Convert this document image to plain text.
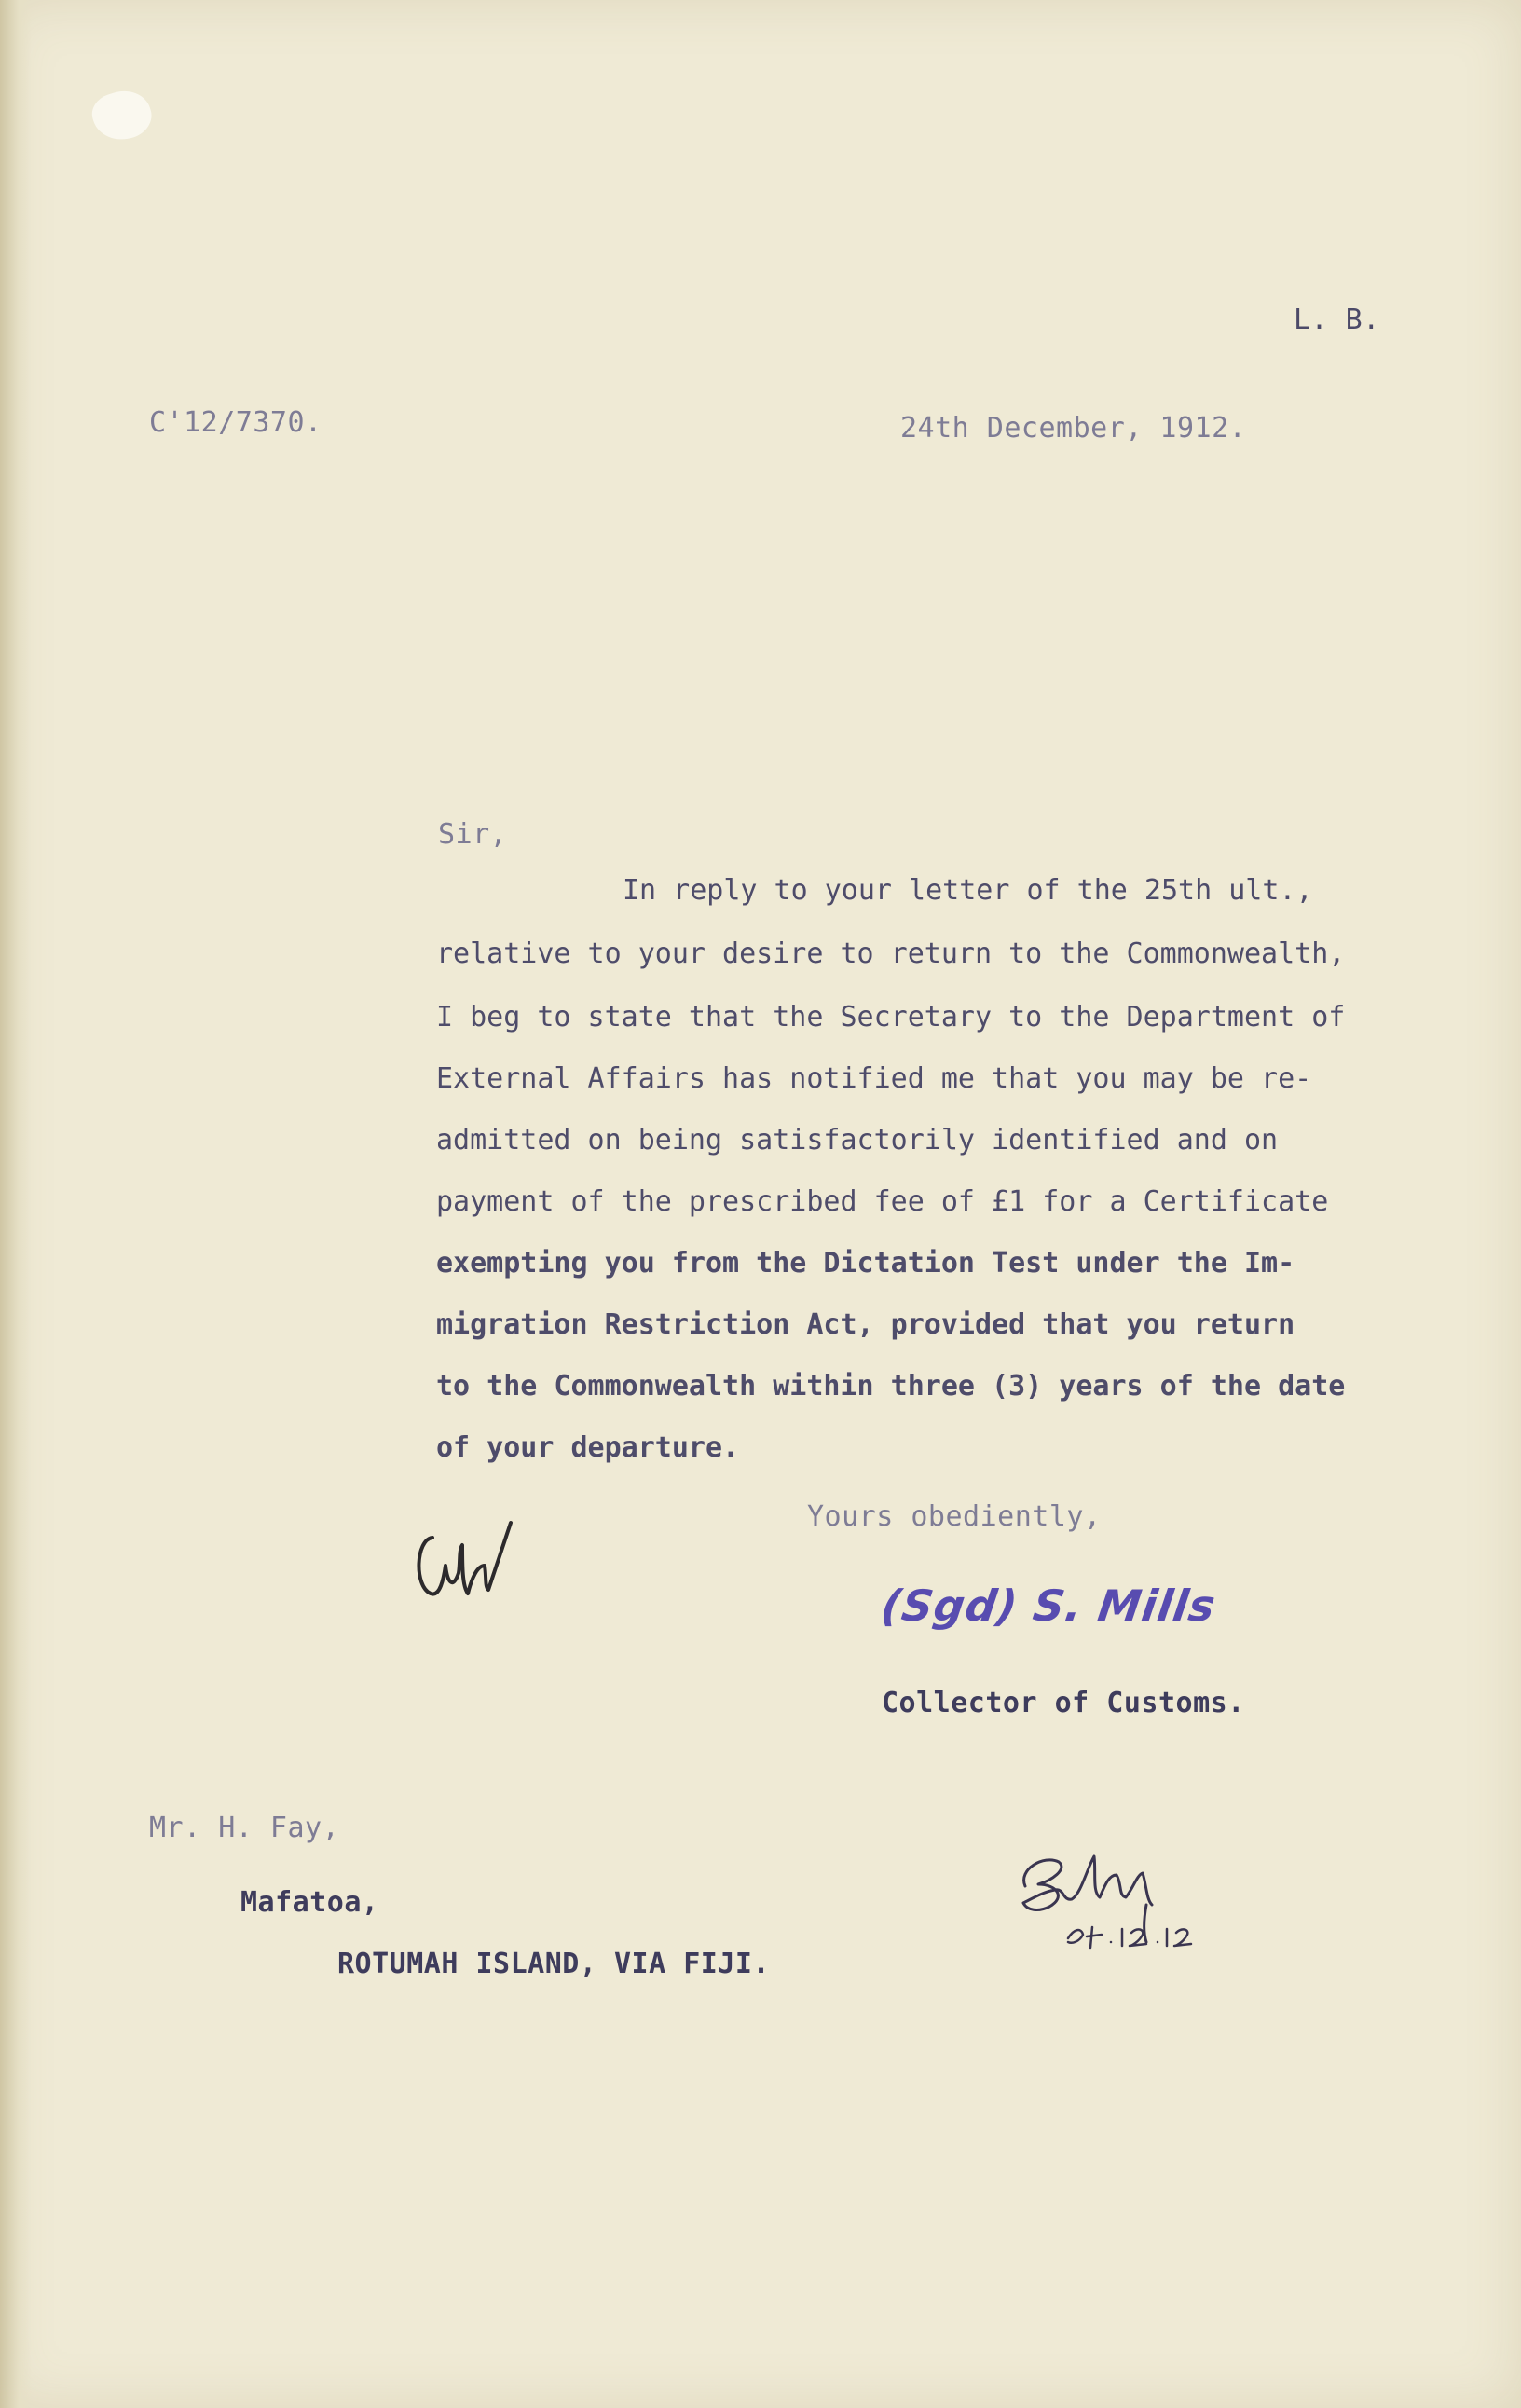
L. B.

C'12/7370.	24th December, 1912.

Sir,

In reply to your letter of the 25th ult.,
relative to your desire to return to the Commonwealth,
I beg to state that the Secretary to the Department of
External Affairs has notified me that you may be re-
admitted on being satisfactorily identified and on
payment of the prescribed fee of £1 for a Certificate
exempting you from the Dictation Test under the Im-
migration Restriction Act, provided that you return
to the Commonwealth within three (3) years of the date
of your departure.

Yours obediently,

(Sgd) S. Mills

Collector of Customs.

Mr. H. Fay,

Mafatoa,

ROTUMAH ISLAND, VIA FIJI.
